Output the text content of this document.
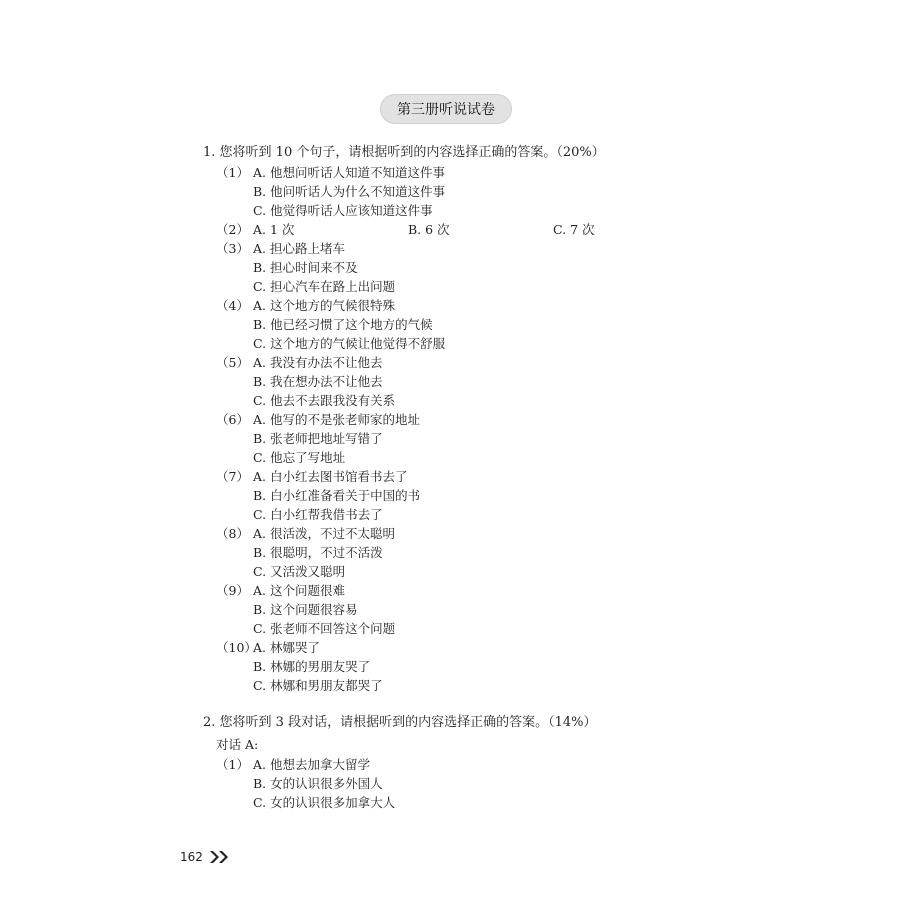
第三册听说试卷
1. 您将听到 10 个句子，请根据听到的内容选择正确的答案。（20%）
（1） A. 他想问听话人知道不知道这件事
B. 他问听话人为什么不知道这件事
C. 他觉得听话人应该知道这件事
（2） A. 1 次	B. 6 次	C. 7 次
（3） A. 担心路上堵车
B. 担心时间来不及
C. 担心汽车在路上出问题
（4） A. 这个地方的气候很特殊
B. 他已经习惯了这个地方的气候
C. 这个地方的气候让他觉得不舒服
（5） A. 我没有办法不让他去
B. 我在想办法不让他去
C. 他去不去跟我没有关系
（6） A. 他写的不是张老师家的地址
B. 张老师把地址写错了
C. 他忘了写地址
（7） A. 白小红去图书馆看书去了
B. 白小红准备看关于中国的书
C. 白小红帮我借书去了
（8） A. 很活泼，不过不太聪明
B. 很聪明，不过不活泼
C. 又活泼又聪明
（9） A. 这个问题很难
B. 这个问题很容易
C. 张老师不回答这个问题
（10）
A. 林娜哭了
B. 林娜的男朋友哭了
C. 林娜和男朋友都哭了
2. 您将听到 3 段对话，请根据听到的内容选择正确的答案。（14%）
对话 A:
（1） A. 他想去加拿大留学
B. 女的认识很多外国人
C. 女的认识很多加拿大人
162
